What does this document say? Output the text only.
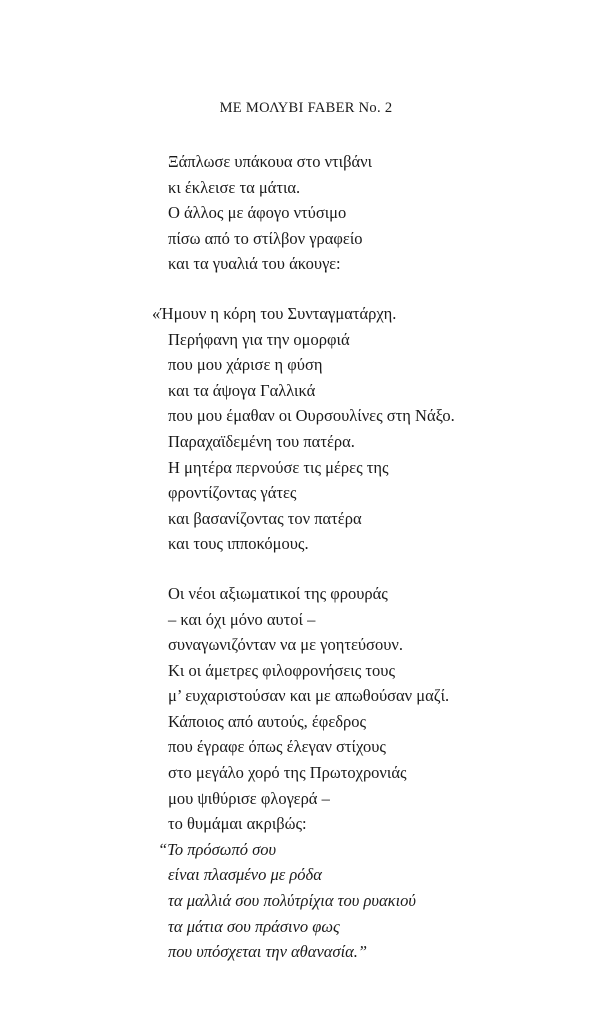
ΜΕ ΜΟΛΥΒΙ FABER No. 2
Ξάπλωσε υπάκουα στο ντιβάνι
κι έκλεισε τα μάτια.
Ο άλλος με άφογο ντύσιμο
πίσω από το στίλβον γραφείο
και τα γυαλιά του άκουγε:
«Ήμουν η κόρη του Συνταγματάρχη.
Περήφανη για την ομορφιά
που μου χάρισε η φύση
και τα άψογα Γαλλικά
που μου έμαθαν οι Ουρσουλίνες στη Νάξο.
Παραχαϊδεμένη του πατέρα.
Η μητέρα περνούσε τις μέρες της
φροντίζοντας γάτες
και βασανίζοντας τον πατέρα
και τους ιπποκόμους.
Οι νέοι αξιωματικοί της φρουράς
– και όχι μόνο αυτοί –
συναγωνιζόνταν να με γοητεύσουν.
Κι οι άμετρες φιλοφρονήσεις τους
μ’ ευχαριστούσαν και με απωθούσαν μαζί.
Κάποιος από αυτούς, έφεδρος
που έγραφε όπως έλεγαν στίχους
στο μεγάλο χορό της Πρωτοχρονιάς
μου ψιθύρισε φλογερά –
το θυμάμαι ακριβώς:
“Το πρόσωπό σου
είναι πλασμένο με ρόδα
τα μαλλιά σου πολύτρίχια του ρυακιού
τα μάτια σου πράσινο φως
που υπόσχεται την αθανασία.”
